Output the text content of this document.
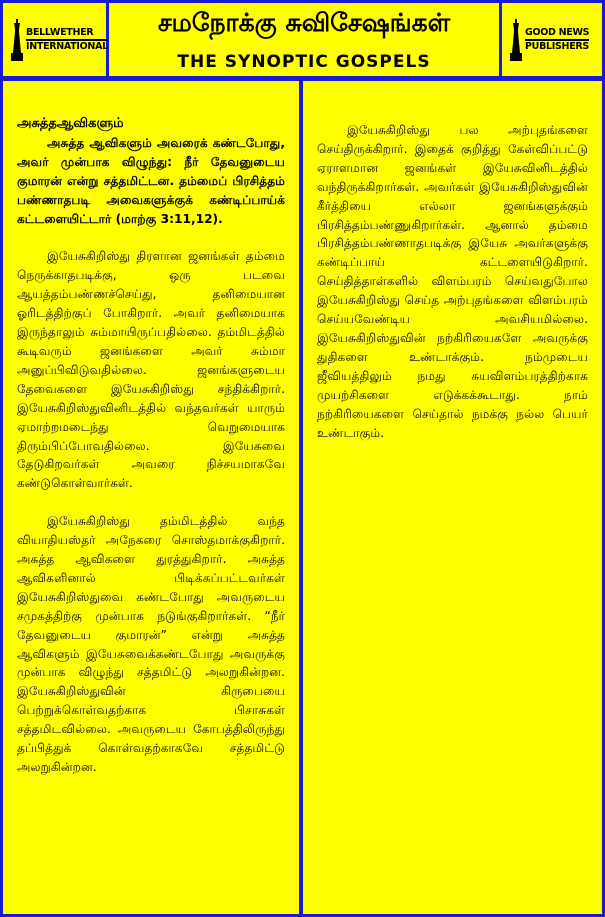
BELLWETHER
INTERNATIONAL
சமநோக்கு சுவிசேஷங்கள்
THE SYNOPTIC GOSPELS
GOOD NEWS
PUBLISHERS

அசுத்தஆவிகளும்

அசுத்த ஆவிகளும் அவரைக் கண்டபோது, அவர் முன்பாக விழுந்து: நீர் தேவனுடைய குமாரன் என்று சத்தமிட்டன. தம்மைப் பிரசித்தம் பண்ணாதபடி அவைகளுக்குக் கண்டிப்பாய்க் கட்டளையிட்டார் (மாற்கு 3:11,12).

இயேசுகிறிஸ்து திரளான ஜனங்கள் தம்மை நெருக்காதபடிக்கு, ஒரு படவை ஆயத்தம்பண்ணச்செய்து, தனிமையான ஓரிடத்திற்குப் போகிறார். அவர் தனிமையாக இருந்தாலும் சும்மாயிருப்பதில்லை. தம்மிடத்தில் கூடிவரும் ஜனங்களை அவர் சும்மா அனுப்பிவிடுவதில்லை. ஜனங்களுடைய தேவைகளை இயேசுகிறிஸ்து சந்திக்கிறார். இயேசுகிறிஸ்துவினிடத்தில் வந்தவர்கள் யாரும் ஏமாற்றமடைந்து வெறுமையாக திரும்பிப்போவதில்லை. இயேசுவை தேடுகிறவர்கள் அவரை நிச்சயமாகவே கண்டுகொள்வார்கள்.

இயேசுகிறிஸ்து தம்மிடத்தில் வந்த வியாதியஸ்தர் அநேகரை சொஸ்தமாக்குகிறார். அசுத்த ஆவிகளை துரத்துகிறார். அசுத்த ஆவிகளினால் பிடிக்கப்பட்டவர்கள் இயேசுகிறிஸ்துவை கண்டபோது அவருடைய சமுகத்திற்கு முன்பாக நடுங்குகிறார்கள். “நீர் தேவனுடைய குமாரன்” என்று அசுத்த ஆவிகளும் இயேசுவைக்கண்டபோது அவருக்கு முன்பாக விழுந்து சத்தமிட்டு அலறுகின்றன. இயேசுகிறிஸ்துவின் கிருபையை பெற்றுக்கொள்வதற்காக பிசாசுகள் சத்தமிடவில்லை. அவருடைய கோபத்திலிருந்து தப்பித்துக் கொள்வதற்காகவே சத்தமிட்டு அலறுகின்றன.

இயேசுகிறிஸ்து பல அற்புதங்களை செய்திருக்கிறார். இதைக் குறித்து கேள்விப்பட்டு ஏராளமான ஜனங்கள் இயேசுவினிடத்தில் வந்திருக்கிறார்கள். அவர்கள் இயேசுகிறிஸ்துவின் கீர்த்தியை எல்லா ஜனங்களுக்கும் பிரசித்தம்பண்ணுகிறார்கள். ஆனால் தம்மை பிரசித்தம்பண்ணாதபடிக்கு இயேசு அவர்களுக்கு கண்டிப்பாய் கட்டளையிடுகிறார். செய்தித்தாள்களில் விளம்பரம் செய்வதுபோல இயேசுகிறிஸ்து செய்த அற்புதங்களை விளம்பரம் செய்யவேண்டிய அவசியமில்லை. இயேசுகிறிஸ்துவின் நற்கிரியைகளே அவருக்கு துதிகளை உண்டாக்கும். நம்முடைய ஜீவியத்திலும் நமது சுயவிளம்பரத்திற்காக முயற்சிகளை எடுக்கக்கூடாது. நாம் நற்கிரியைகளை செய்தால் நமக்கு நல்ல பெயர் உண்டாகும்.
